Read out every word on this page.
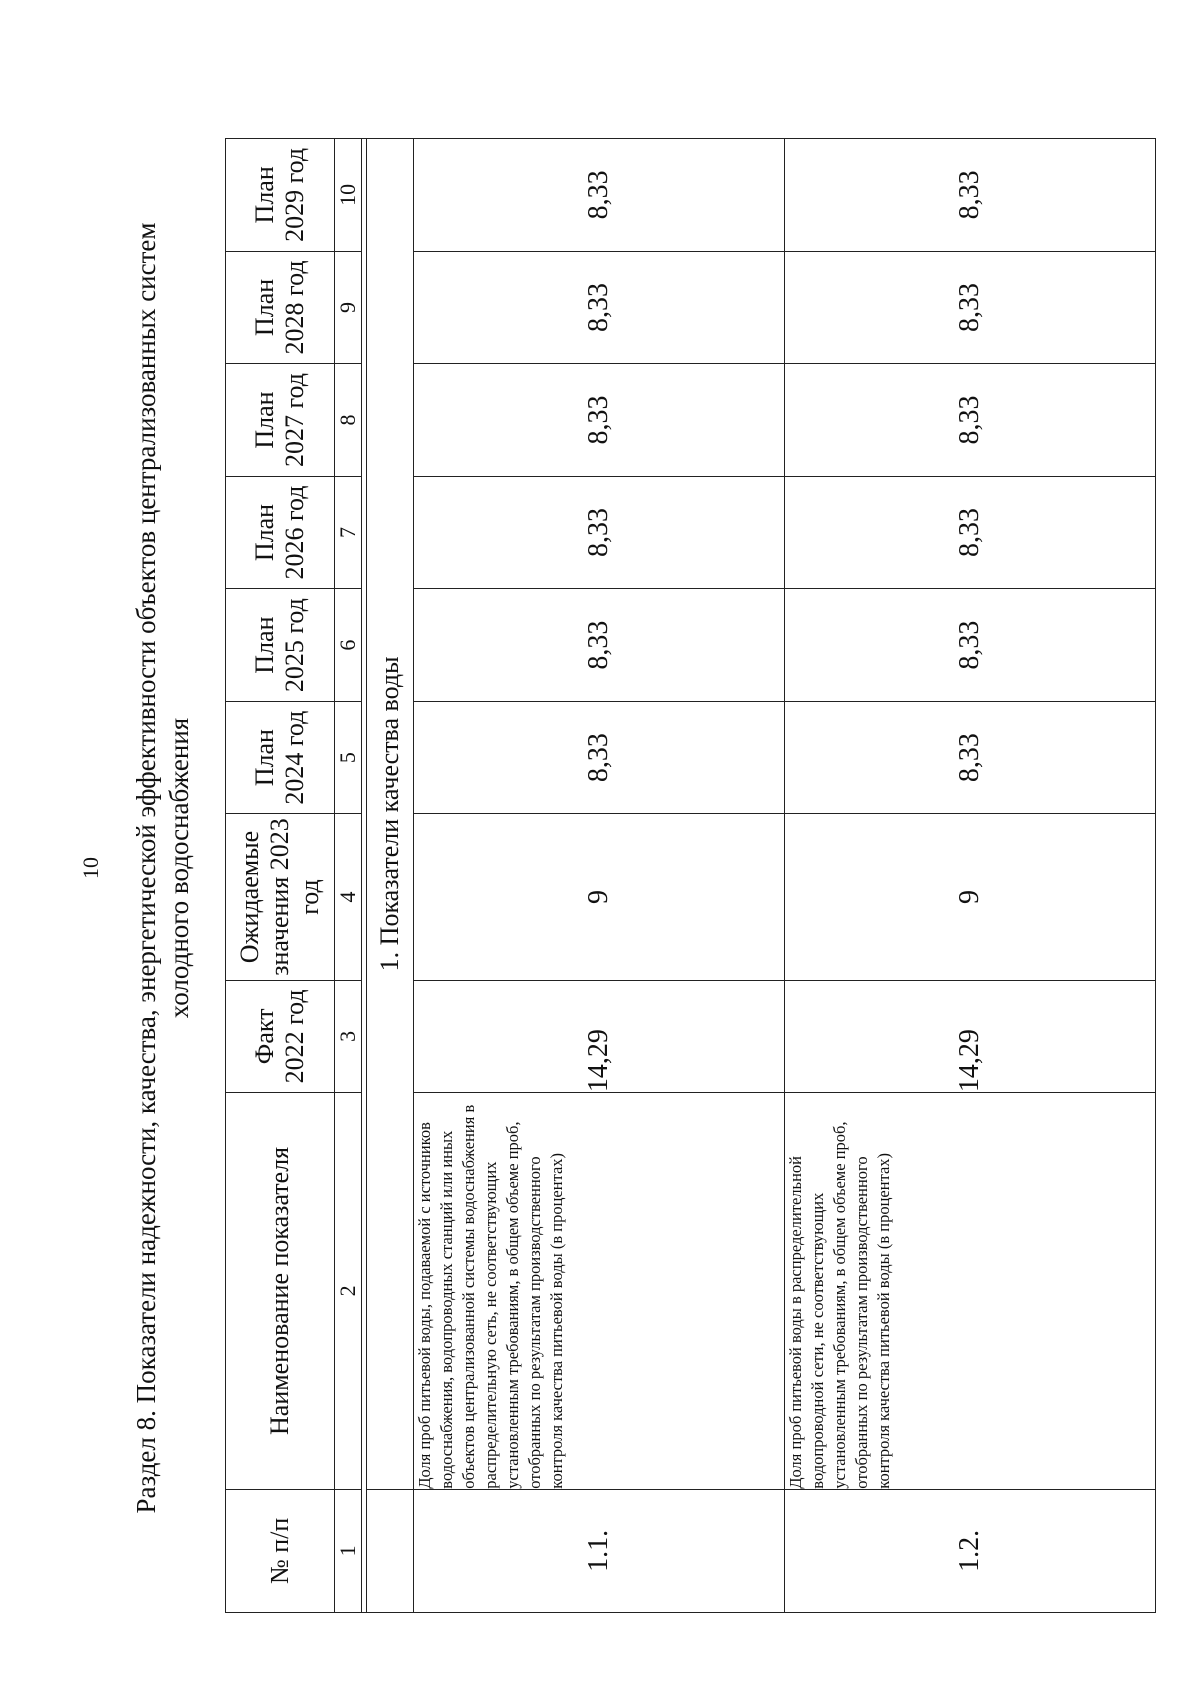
10 Раздел 8. Показатели надежности, качества, энергетической эффективности объектов централизованных систем холодного водоснабжения
№ п/п	Наименование показателя	Факт 2022 год	Ожидаемые значения 2023 год	План 2024 год	План 2025 год	План 2026 год	План 2027 год	План 2028 год	План 2029 год
1	2	3	4	5	6	7	8	9	10

	1. Показатели качества воды								
1.1.	Доля проб питьевой воды, подаваемой с источников водоснабжения, водопроводных станций или иных объектов централизованной системы водоснабжения в распределительную сеть, не соответствующих установленным требованиям, в общем объеме проб, отобранных по результатам производственного контроля качества питьевой воды (в процентах)	14,29	9	8,33	8,33	8,33	8,33	8,33	8,33
1.2.	Доля проб питьевой воды в распределительной водопроводной сети, не соответствующих установленным требованиям, в общем объеме проб, отобранных по результатам производственного контроля качества питьевой воды (в процентах)	14,29	9	8,33	8,33	8,33	8,33	8,33	8,33
